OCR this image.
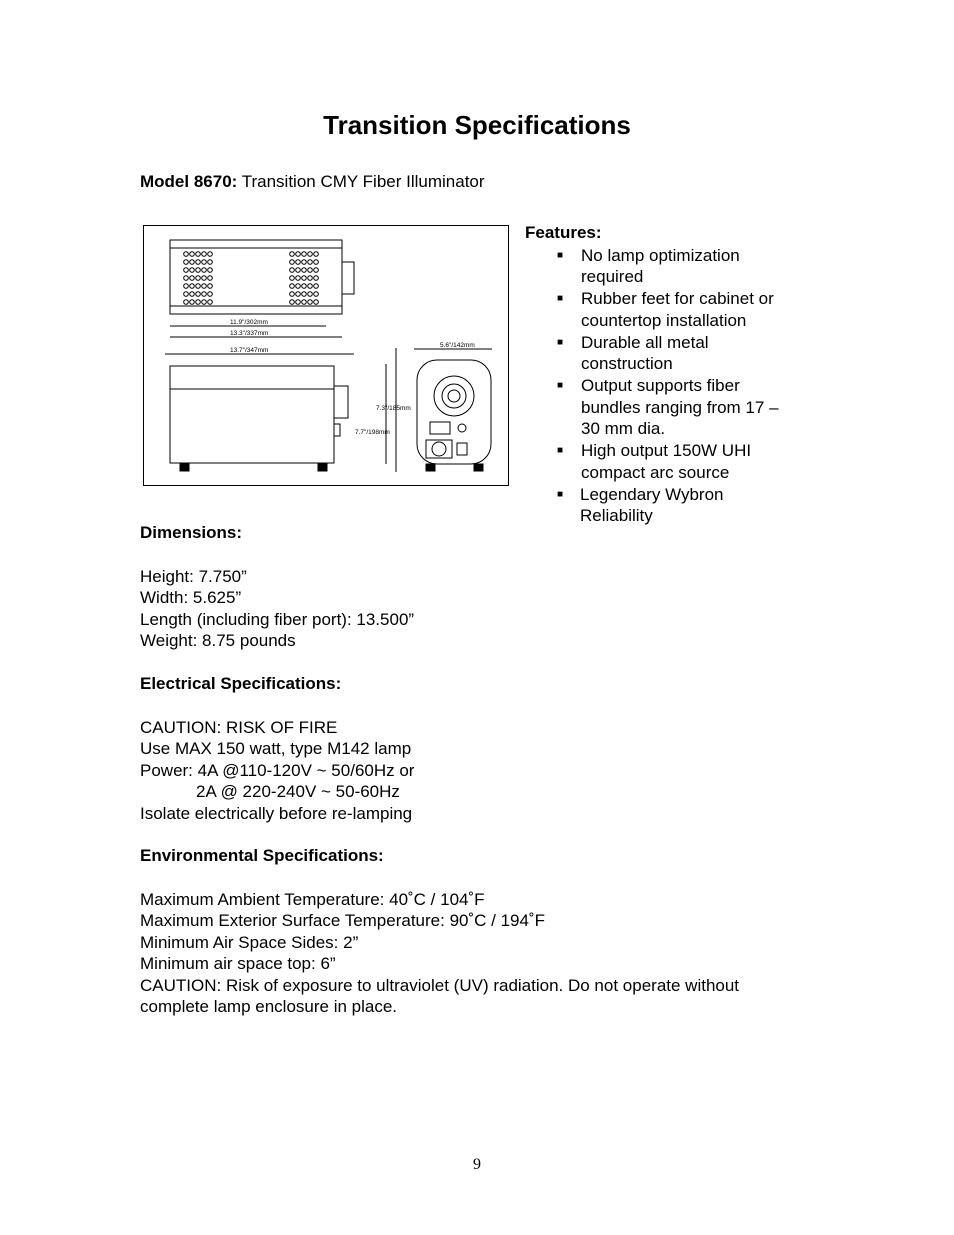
Transition Specifications
Model 8670: Transition CMY Fiber Illuminator
11.9"/302mm
13.3"/337mm
13.7"/347mm
5.6"/142mm
7.3"/185mm
7.7"/198mm
Features:
■ No lamp optimization
required
■ Rubber feet for cabinet or
countertop installation
■ Durable all metal
construction
■ Output supports fiber
bundles ranging from 17 –
30 mm dia.
■ High output 150W UHI
compact arc source
■ Legendary Wybron
Reliability
Dimensions:
Height: 7.750”
Width: 5.625”
Length (including fiber port): 13.500”
Weight: 8.75 pounds
Electrical Specifications:
CAUTION: RISK OF FIRE
Use MAX 150 watt, type M142 lamp
Power: 4A @110-120V ~ 50/60Hz or
2A @ 220-240V ~ 50-60Hz
Isolate electrically before re-lamping
Environmental Specifications:
Maximum Ambient Temperature: 40˚C / 104˚F
Maximum Exterior Surface Temperature: 90˚C / 194˚F
Minimum Air Space Sides: 2”
Minimum air space top: 6”
CAUTION: Risk of exposure to ultraviolet (UV) radiation. Do not operate without
complete lamp enclosure in place.
9
